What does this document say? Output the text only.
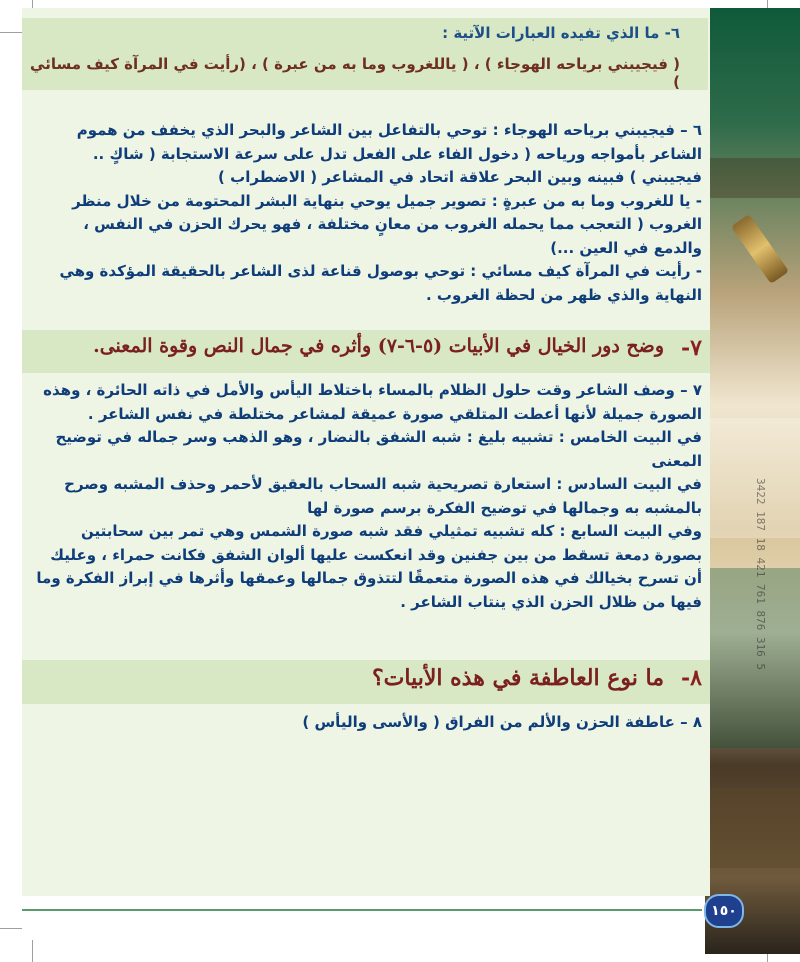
3422 187 18 421 761 876 316 5
٦- ما الذي تفيده العبارات الآتية :
( فيجيبني برياحه الهوجاء ) ، ( ياللغروب وما به من عبرة ) ، (رأيت في المرآة كيف مسائي )

٦ – فيجيبني برياحه الهوجاء : توحي بالتفاعل بين الشاعر والبحر الذي يخفف من هموم الشاعر بأمواجه ورياحه ( دخول الفاء على الفعل تدل على سرعة الاستجابة ( شاكٍ .. فيجيبني ) فبينه وبين البحر علاقة اتحاد في المشاعر ( الاضطراب )

- يا للغروب وما به من عبرةٍ : تصوير جميل يوحي بنهاية البشر المحتومة من خلال منظر الغروب ( التعجب مما يحمله الغروب من معانٍ مختلفة ، فهو يحرك الحزن في النفس ، والدمع في العين ...)

- رأيت في المرآة كيف مسائي : توحي بوصول قناعة لذى الشاعر بالحقيقة المؤكدة وهي النهاية والذي ظهر من لحظة الغروب .

٧-
وضح دور الخيال في الأبيات (٥-٦-٧) وأثره في جمال النص وقوة المعنى.

٧ – وصف الشاعر وقت حلول الظلام بالمساء باختلاط اليأس والأمل في ذاته الحائرة ، وهذه الصورة جميلة لأنها أعطت المتلقي صورة عميقة لمشاعر مختلطة في نفس الشاعر .

في البيت الخامس : تشبيه بليغ : شبه الشفق بالنضار ، وهو الذهب وسر جماله في توضيح المعنى

في البيت السادس : استعارة تصريحية شبه السحاب بالعقيق لأحمر وحذف المشبه وصرح بالمشبه به وجمالها في توضيح الفكرة برسم صورة لها

وفي البيت السابع : كله تشبيه تمثيلي فقد شبه صورة الشمس وهي تمر بين سحابتين بصورة دمعة تسقط من بين جفنين وقد انعكست عليها ألوان الشفق فكانت حمراء ، وعليك أن تسرح بخيالك في هذه الصورة متعمقًا لتتذوق جمالها وعمقها وأثرها في إبراز الفكرة وما فيها من ظلال الحزن الذي ينتاب الشاعر .

٨-
ما نوع العاطفة في هذه الأبيات؟

٨ – عاطفة الحزن والألم من الفراق ( والأسى واليأس )

١٥٠
